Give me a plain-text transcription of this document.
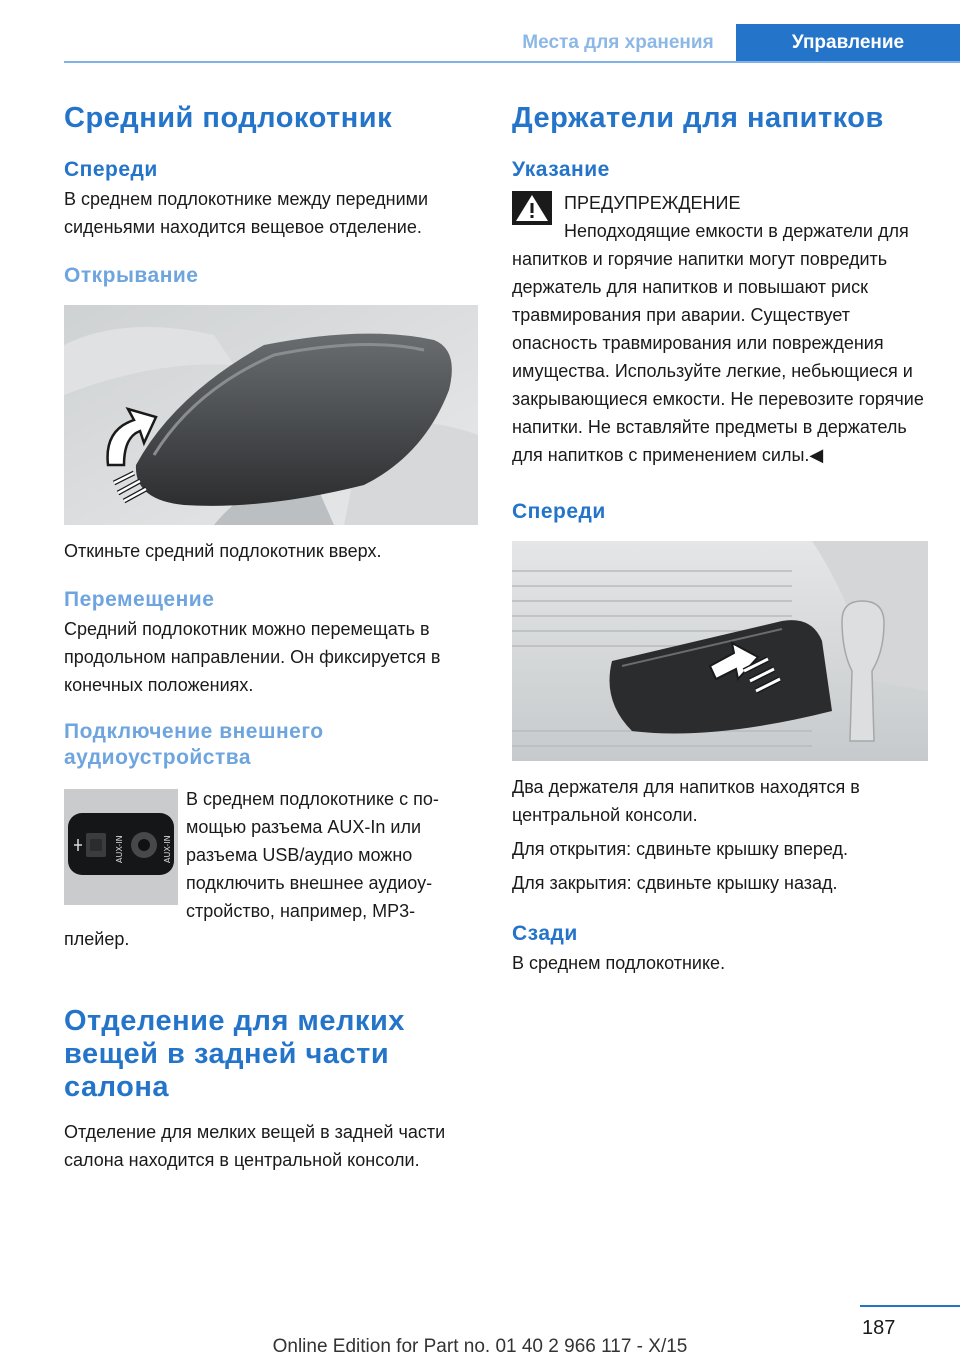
Места для хранения	Управление
Средний подлокотник
Спереди

В среднем подлокотнике между передними сиденьями находится вещевое отделение.

Открывание

Откиньте средний подлокотник вверх.

Перемещение

Средний подлокотник можно перемещать в продольном направлении. Он фиксируется в конечных положениях.

Подключение внешнего аудиоустройства
AUX-IN	AUX-IN

В среднем подлокотнике с помощью разъема AUX-In или разъема USB/аудио можно подключить внешнее аудиоустройство, например, MP3-плейер.

Отделение для мелких вещей в задней части салона

Отделение для мелких вещей в задней части салона находится в центральной консоли.

Держатели для напитков
Указание

ПРЕДУПРЕЖДЕНИЕ

Неподходящие емкости в держатели для напитков и горячие напитки могут повредить держатель для напитков и повышают риск травмирования при аварии. Существует опасность травмирования или повреждения имущества. Используйте легкие, небьющиеся и закрывающиеся емкости. Не перевозите горячие напитки. Не вставляйте предметы в держатель для напитков с применением силы.◀

Спереди

Два держателя для напитков находятся в центральной консоли.

Для открытия: сдвиньте крышку вперед.

Для закрытия: сдвиньте крышку назад.

Сзади

В среднем подлокотнике.

187
Online Edition for Part no. 01 40 2 966 117 - X/15
